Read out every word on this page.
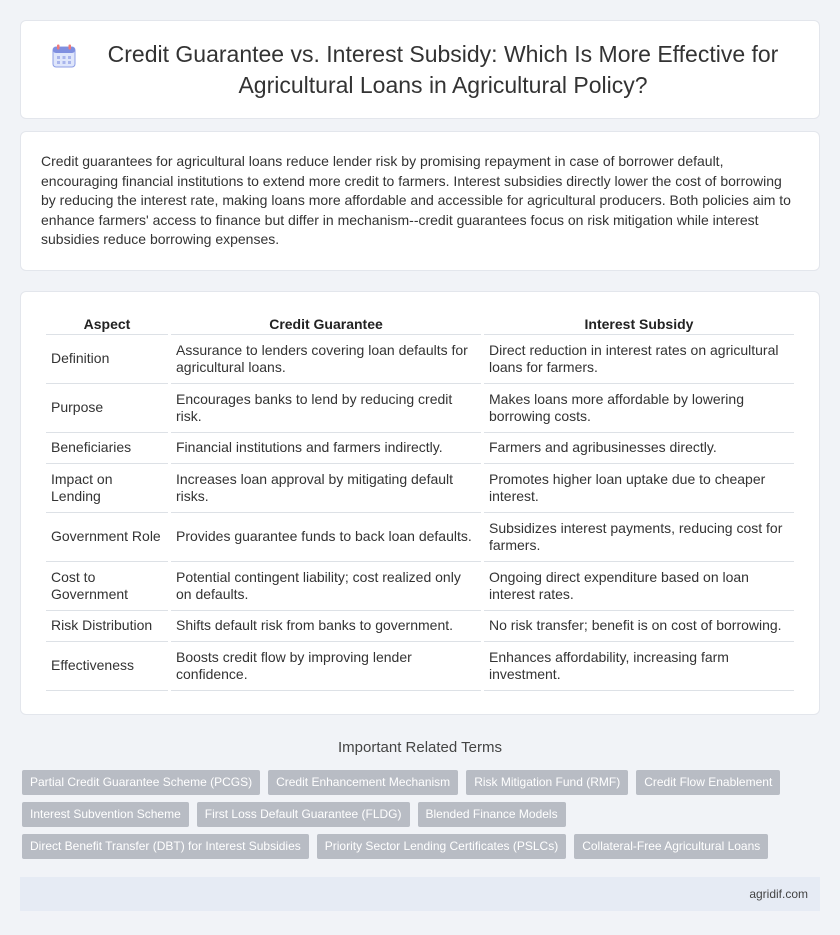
Credit Guarantee vs. Interest Subsidy: Which Is More Effective for Agricultural Loans in Agricultural Policy?

Credit guarantees for agricultural loans reduce lender risk by promising repayment in case of borrower default, encouraging financial institutions to extend more credit to farmers. Interest subsidies directly lower the cost of borrowing by reducing the interest rate, making loans more affordable and accessible for agricultural producers. Both policies aim to enhance farmers' access to finance but differ in mechanism--credit guarantees focus on risk mitigation while interest subsidies reduce borrowing expenses.

Aspect	Credit Guarantee	Interest Subsidy
Definition	Assurance to lenders covering loan defaults for agricultural loans.	Direct reduction in interest rates on agricultural loans for farmers.
Purpose	Encourages banks to lend by reducing credit risk.	Makes loans more affordable by lowering borrowing costs.
Beneficiaries	Financial institutions and farmers indirectly.	Farmers and agribusinesses directly.
Impact on Lending	Increases loan approval by mitigating default risks.	Promotes higher loan uptake due to cheaper interest.
Government Role	Provides guarantee funds to back loan defaults.	Subsidizes interest payments, reducing cost for farmers.
Cost to Government	Potential contingent liability; cost realized only on defaults.	Ongoing direct expenditure based on loan interest rates.
Risk Distribution	Shifts default risk from banks to government.	No risk transfer; benefit is on cost of borrowing.
Effectiveness	Boosts credit flow by improving lender confidence.	Enhances affordability, increasing farm investment.
Important Related Terms
Partial Credit Guarantee Scheme (PCGS)	Credit Enhancement Mechanism	Risk Mitigation Fund (RMF)	Credit Flow Enablement
Interest Subvention Scheme	First Loss Default Guarantee (FLDG)	Blended Finance Models
Direct Benefit Transfer (DBT) for Interest Subsidies	Priority Sector Lending Certificates (PSLCs)	Collateral-Free Agricultural Loans
agridif.com
